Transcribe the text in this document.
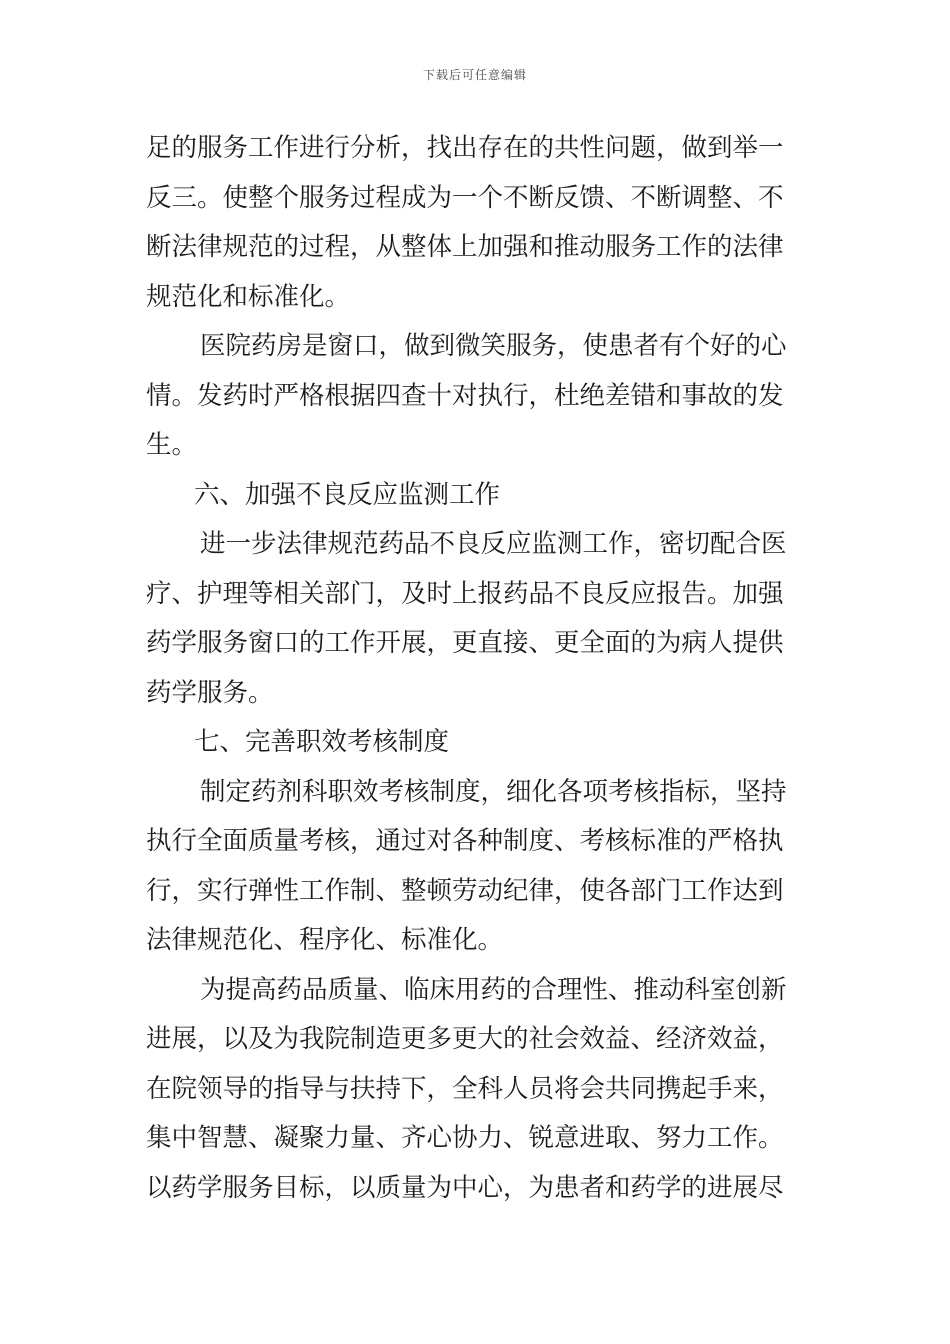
下载后可任意编辑
足的服务工作进行分析，找出存在的共性问题，做到举一
反三。使整个服务过程成为一个不断反馈、不断调整、不
断法律规范的过程，从整体上加强和推动服务工作的法律
规范化和标准化。
医院药房是窗口，做到微笑服务，使患者有个好的心
情。发药时严格根据四查十对执行，杜绝差错和事故的发
生。
六、加强不良反应监测工作
进一步法律规范药品不良反应监测工作，密切配合医
疗、护理等相关部门，及时上报药品不良反应报告。加强
药学服务窗口的工作开展，更直接、更全面的为病人提供
药学服务。
七、完善职效考核制度
制定药剂科职效考核制度，细化各项考核指标，坚持
执行全面质量考核，通过对各种制度、考核标准的严格执
行，实行弹性工作制、整顿劳动纪律，使各部门工作达到
法律规范化、程序化、标准化。
为提高药品质量、临床用药的合理性、推动科室创新
进展，以及为我院制造更多更大的社会效益、经济效益，
在院领导的指导与扶持下，全科人员将会共同携起手来，
集中智慧、凝聚力量、齐心协力、锐意进取、努力工作。
以药学服务目标，以质量为中心，为患者和药学的进展尽
